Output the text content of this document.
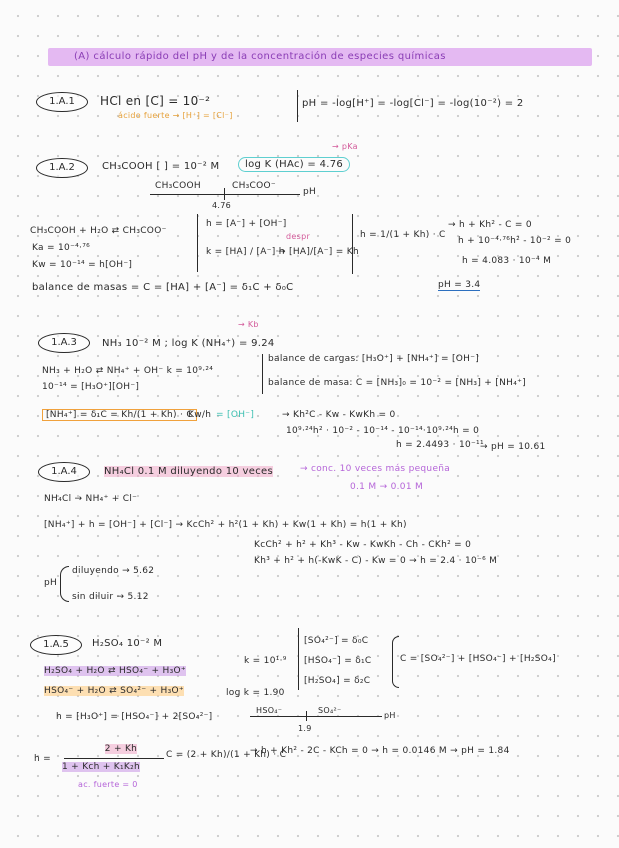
(A) cálculo rápido del pH y de la concentración de especies químicas
1.A.1	HCl en [C] = 10⁻²
ácido fuerte → [H⁺] = [Cl⁻]
pH = -log[H⁺] = -log[Cl⁻] = -log(10⁻²) = 2
1.A.2	CH₃COOH [ ] = 10⁻² M	log K (HAc) = 4.76
→ pKa
CH₃COOH	CH₃COO⁻
pH
4.76
CH₃COOH + H₂O ⇄ CH₃COO⁻
Ka = 10⁻⁴·⁷⁶
Kw = 10⁻¹⁴ = h[OH⁻]
h = [A⁻] + [OH⁻]
despr
k = [HA] / [A⁻]·h
→ [HA]/[A⁻] = Kh
h = 1/(1 + Kh) · C
→ h + Kh² - C = 0
h + 10⁻⁴·⁷⁶h² - 10⁻² = 0
h = 4.083 · 10⁻⁴ M
pH = 3.4
balance de masas = C = [HA] + [A⁻] = δ₁C + δ₀C
1.A.3	NH₃ 10⁻² M ; log K (NH₄⁺) = 9.24
→ Kb
NH₃ + H₂O ⇄ NH₄⁺ + OH⁻ k = 10⁹·²⁴
10⁻¹⁴ = [H₃O⁺][OH⁻]
balance de cargas: [H₃O⁺] + [NH₄⁺] = [OH⁻]
balance de masa: C = [NH₃]₀ = 10⁻² = [NH₃] + [NH₄⁺]
[NH₄⁺] = δ₁C = Kh/(1 + Kh) · C
Kw/h = [OH⁻]	→ Kh²C - Kw - KwKh = 0
10⁹·²⁴h² · 10⁻² - 10⁻¹⁴ - 10⁻¹⁴·10⁹·²⁴h = 0
h = 2.4493 · 10⁻¹¹
→ pH = 10.61
1.A.4	NH₄Cl 0.1 M diluyendo 10 veces	→ conc. 10 veces más pequeña
0.1 M → 0.01 M
NH₄Cl → NH₄⁺ + Cl⁻
[NH₄⁺] + h = [OH⁻] + [Cl⁻] → KcCh² + h²(1 + Kh) + Kw(1 + Kh) = h(1 + Kh)
KcCh² + h² + Kh³ - Kw - KwKh - Ch - CKh² = 0
Kh³ + h² + h(-KwK - C) - Kw = 0 → h = 2.4 · 10⁻⁶ M
pH
diluyendo → 5.62
sin diluir → 5.12
1.A.5	H₂SO₄ 10⁻² M
H₂SO₄ + H₂O ⇄ HSO₄⁻ + H₃O⁺
HSO₄⁻ + H₂O ⇄ SO₄²⁻ + H₃O⁺
k = 10¹·⁹
log k = 1.90
[SO₄²⁻] = δ₀C
[HSO₄⁻] = δ₁C
[H₂SO₄] = δ₂C
C = [SO₄²⁻] + [HSO₄⁻] + [H₂SO₄]
h = [H₃O⁺] = [HSO₄⁻] + 2[SO₄²⁻]
HSO₄⁻	SO₄²⁻
pH
1.9
h =
2 + Kh
1 + Kch + K₁K₂h
ac. fuerte = 0
C = (2 + Kh)/(1 + Kh) · C
→ h + Kh² - 2C - KCh = 0 → h = 0.0146 M → pH = 1.84
